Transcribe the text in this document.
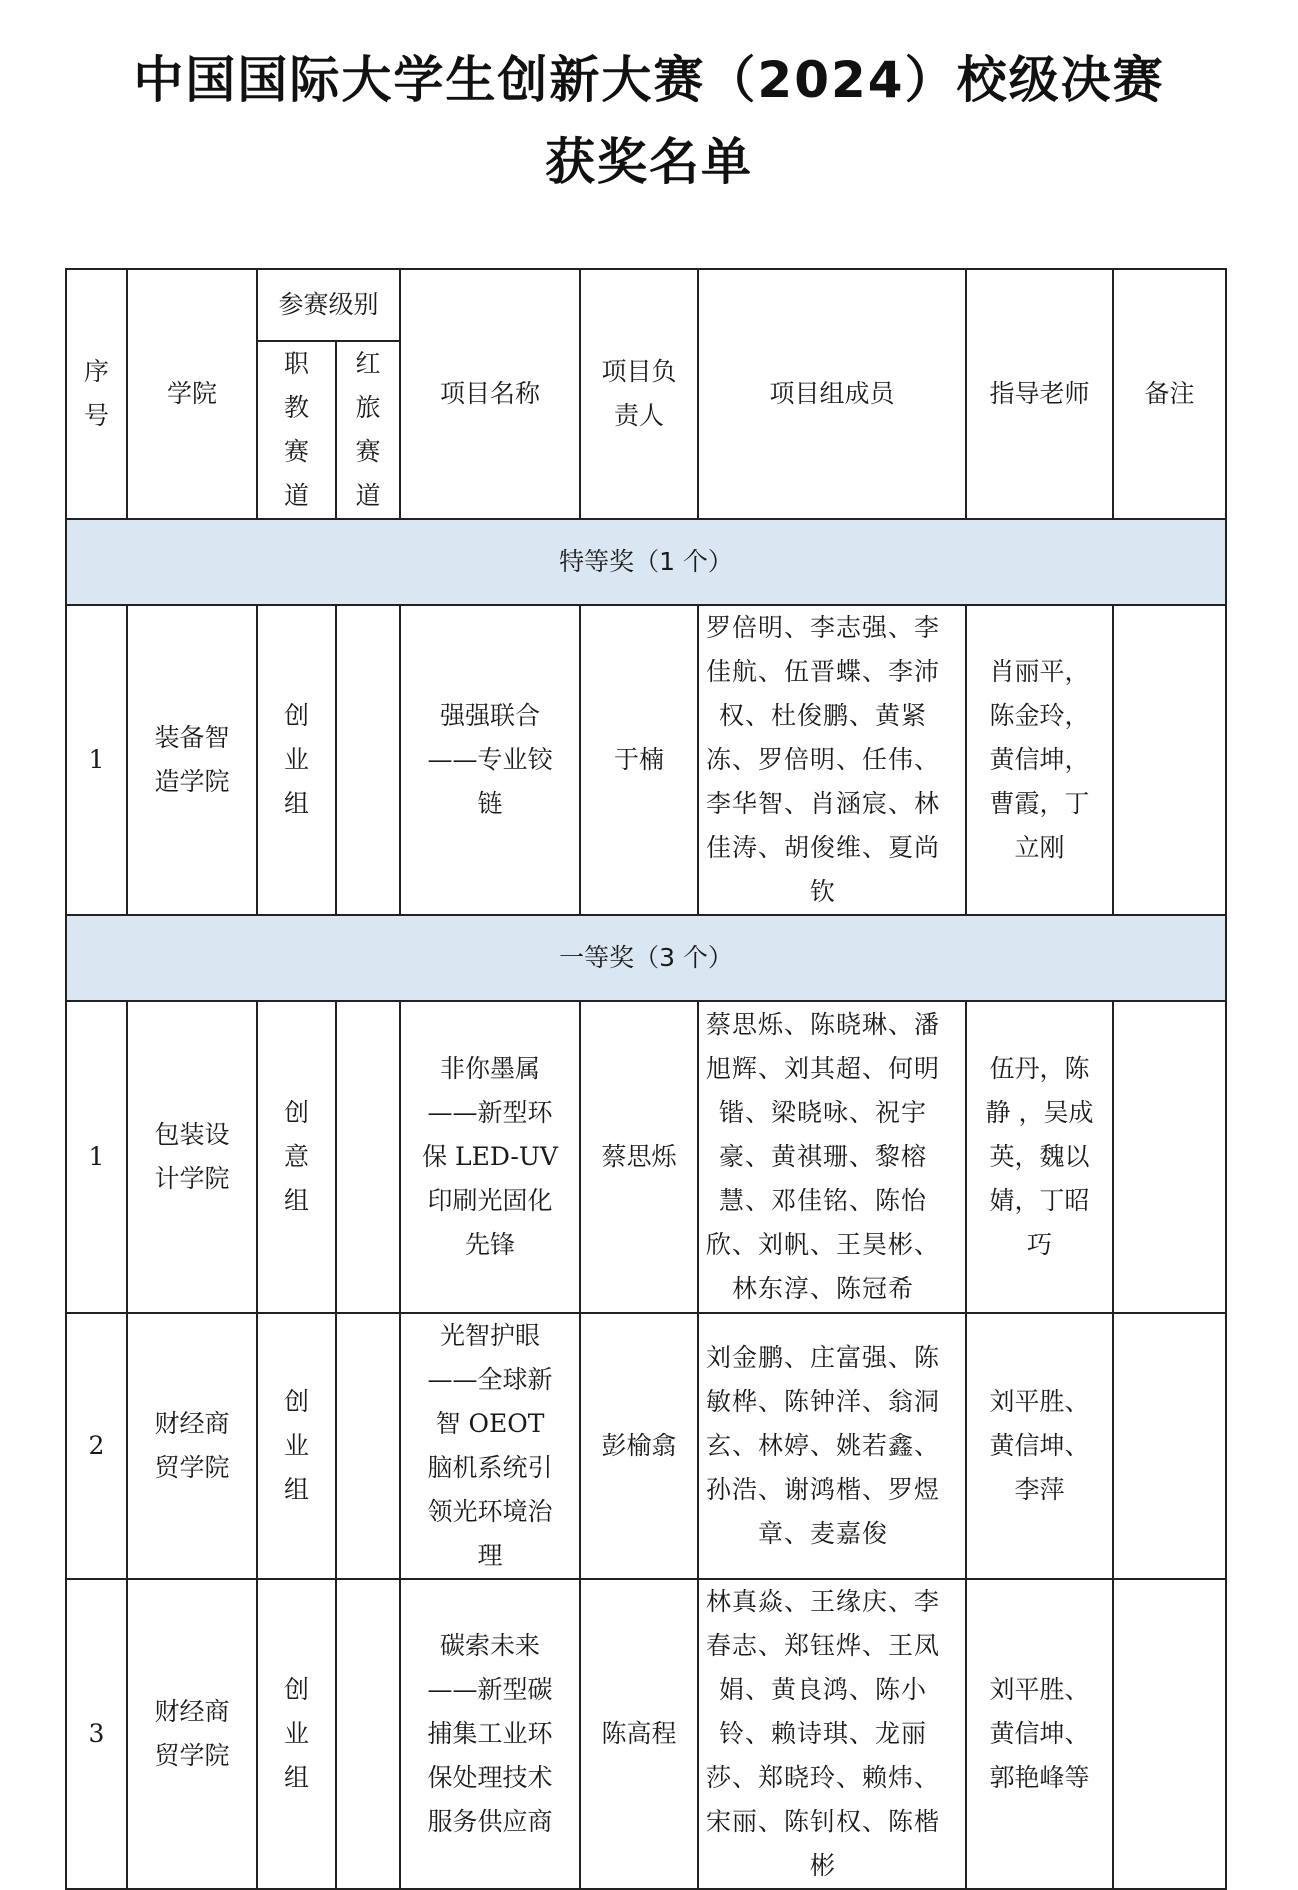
中国国际大学生创新大赛（2024）校级决赛
获奖名单
序号	学院	参赛级别		项目名称	项目负责人	项目组成员	指导老师	备注
		职教赛道	红旅赛道					
特等奖（1 个）								
1	装备智造学院	创业组		强强联合——专业铰链	于楠	罗倍明、李志强、李佳航、伍晋蝶、李沛权、杜俊鹏、黄紧冻、罗倍明、任伟、李华智、肖涵宸、林佳涛、胡俊维、夏尚钦	肖丽平，陈金玲，黄信坤，曹霞，丁立刚	
一等奖（3 个）								
1	包装设计学院	创意组		非你墨属——新型环保 LED-UV 印刷光固化先锋	蔡思烁	蔡思烁、陈晓琳、潘旭辉、刘其超、何明锴、梁晓咏、祝宇豪、黄祺珊、黎榕慧、邓佳铭、陈怡欣、刘帆、王昊彬、林东淳、陈冠希	伍丹，陈静 ，吴成英，魏以婧，丁昭巧	
2	财经商贸学院	创业组		光智护眼——全球新智 OEOT 脑机系统引领光环境治理	彭榆翕	刘金鹏、庄富强、陈敏桦、陈钟洋、翁洞玄、林婷、姚若鑫、孙浩、谢鸿楷、罗煜章、麦嘉俊	刘平胜、黄信坤、李萍	
3	财经商贸学院	创业组		碳索未来——新型碳捕集工业环保处理技术服务供应商	陈高程	林真焱、王缘庆、李春志、郑钰烨、王凤娟、黄良鸿、陈小铃、赖诗琪、龙丽莎、郑晓玲、赖炜、宋丽、陈钊权、陈楷彬	刘平胜、黄信坤、郭艳峰等	
